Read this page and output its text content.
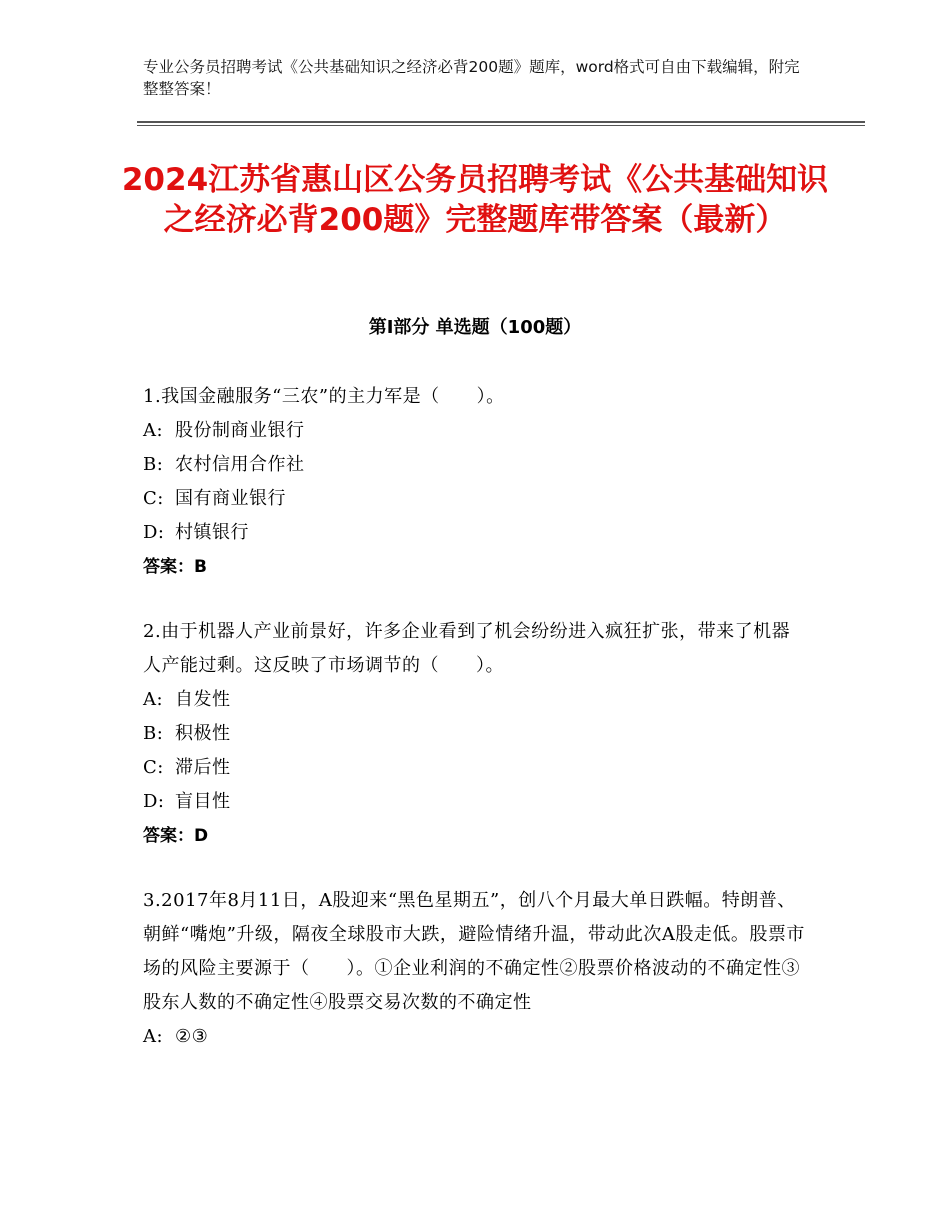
专业公务员招聘考试《公共基础知识之经济必背200题》题库，word格式可自由下载编辑，附完整整答案！
2024江苏省惠山区公务员招聘考试《公共基础知识之经济必背200题》完整题库带答案（最新）
第Ⅰ部分 单选题（100题）
1.我国金融服务“三农”的主力军是（　　）。
A: 股份制商业银行
B: 农村信用合作社
C: 国有商业银行
D: 村镇银行
答案：B
2.由于机器人产业前景好，许多企业看到了机会纷纷进入疯狂扩张，带来了机器人产能过剩。这反映了市场调节的（　　）。
A: 自发性
B: 积极性
C: 滞后性
D: 盲目性
答案：D
3.2017年8月11日，A股迎来“黑色星期五”，创八个月最大单日跌幅。特朗普、朝鲜“嘴炮”升级，隔夜全球股市大跌，避险情绪升温，带动此次A股走低。股票市场的风险主要源于（　　）。①企业利润的不确定性②股票价格波动的不确定性③股东人数的不确定性④股票交易次数的不确定性
A: ②③
